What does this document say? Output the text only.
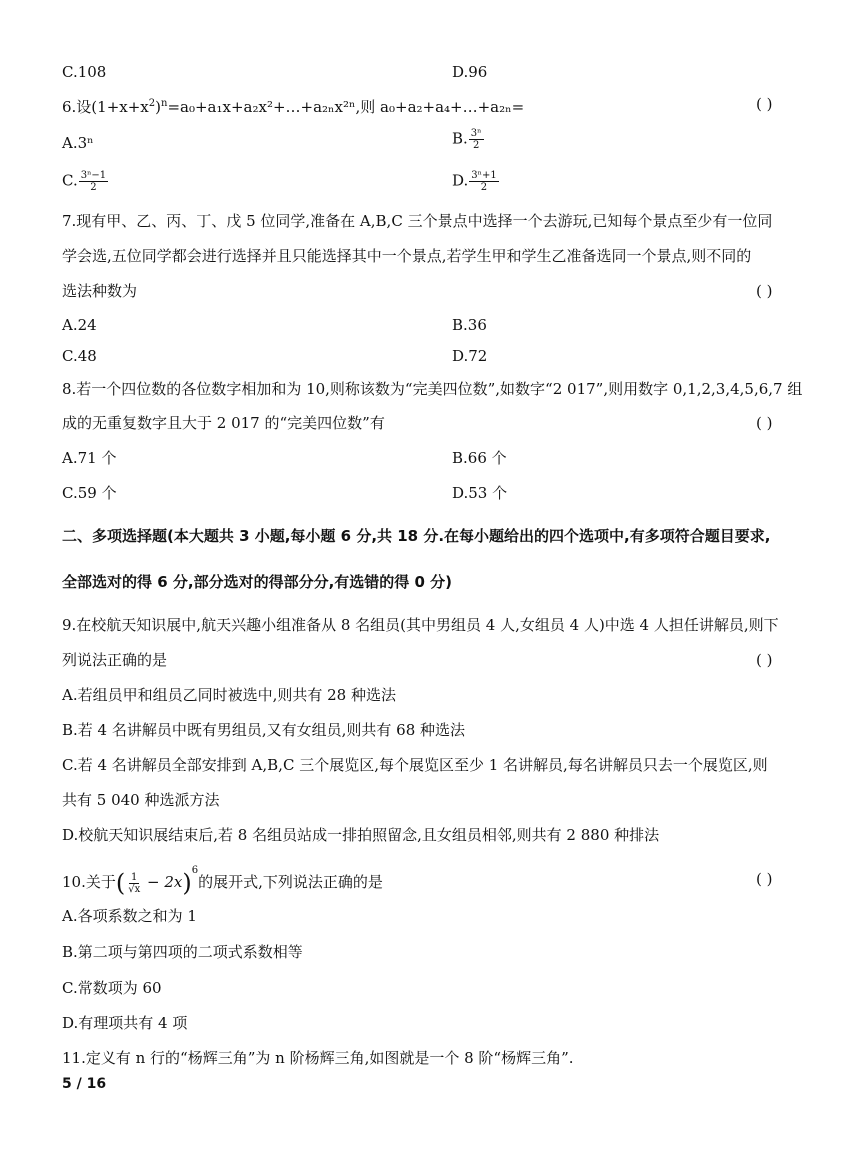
C.108	D.96
6.设$(1+x+x^2)^n=a_0+a_1x+a_2x^2+\dots+a_{2n}x^{2n}$,则 a₀+a₂+a₄+…+a₂ₙ=	( )
A.3ⁿ	B. $\frac{\text{3ⁿ}}{2}$
C. $\frac{\text{3ⁿ−1}}{2}$	D. $\frac{\text{3ⁿ+1}}{2}$
7.现有甲、乙、丙、丁、戊 5 位同学,准备在 A,B,C 三个景点中选择一个去游玩,已知每个景点至少有一位同
学会选,五位同学都会进行选择并且只能选择其中一个景点,若学生甲和学生乙准备选同一个景点,则不同的
选法种数为	( )
A.24	B.36
C.48	D.72
8.若一个四位数的各位数字相加和为 10,则称该数为“完美四位数”,如数字“2 017”,则用数字 0,1,2,3,4,5,6,7 组
成的无重复数字且大于 2 017 的“完美四位数”有	( )
A.71 个	B.66 个
C.59 个	D.53 个
二、多项选择题(本大题共 3 小题,每小题 6 分,共 18 分.在每小题给出的四个选项中,有多项符合题目要求,
全部选对的得 6 分,部分选对的得部分分,有选错的得 0 分)
9.在校航天知识展中,航天兴趣小组准备从 8 名组员(其中男组员 4 人,女组员 4 人)中选 4 人担任讲解员,则下
列说法正确的是	( )
A.若组员甲和组员乙同时被选中,则共有 28 种选法
B.若 4 名讲解员中既有男组员,又有女组员,则共有 68 种选法
C.若 4 名讲解员全部安排到 A,B,C 三个展览区,每个展览区至少 1 名讲解员,每名讲解员只去一个展览区,则
共有 5 040 种选派方法
D.校航天知识展结束后,若 8 名组员站成一排拍照留念,且女组员相邻,则共有 2 880 种排法
10.关于( $\frac{1}{√x} - 2x)^6$的展开式,下列说法正确的是	( )
A.各项系数之和为 1
B.第二项与第四项的二项式系数相等
C.常数项为 60
D.有理项共有 4 项
11.定义有 n 行的“杨辉三角”为 n 阶杨辉三角,如图就是一个 8 阶“杨辉三角”.
5 / 16
